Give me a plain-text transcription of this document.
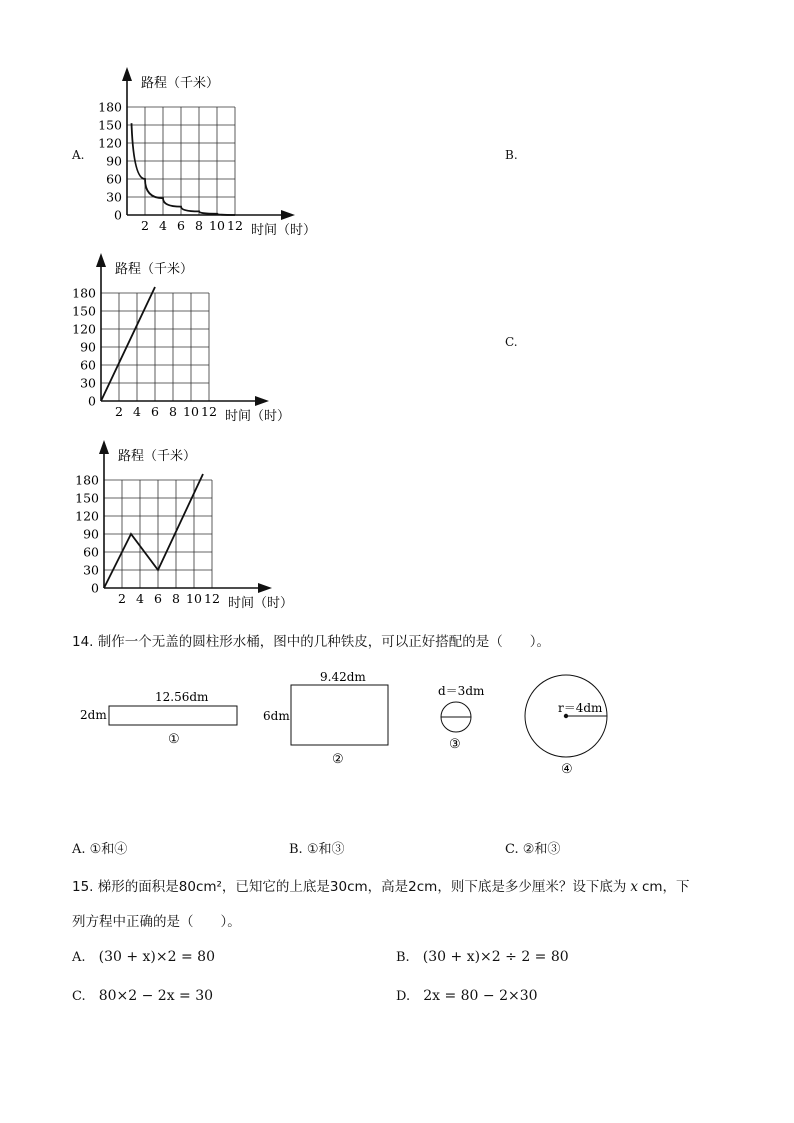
A.	B.
C.
180
150
120
90
60
30
0
2 4 6 8 10 12
路程（千米）
时间（时）
180
150
120
90
60
30
0
2 4 6 8 10 12
路程（千米）
时间（时）
180
150
120
90
60
30
0
2 4 6 8 10 12
路程（千米）
时间（时）
14. 制作一个无盖的圆柱形水桶，图中的几种铁皮，可以正好搭配的是（　　）。
12.56dm
2dm
①
9.42dm
6dm
②
d＝3dm
③
r＝4dm
④
A. ①和④	B. ①和③	C. ②和③
15. 梯形的面积是80cm²，已知它的上底是30cm，高是2cm，则下底是多少厘米？设下底为 x cm，下
列方程中正确的是（　　）。
A. (30 + x)×2 = 80	B. (30 + x)×2 ÷ 2 = 80
C. 80×2 − 2x = 30	D. 2x = 80 − 2×30
